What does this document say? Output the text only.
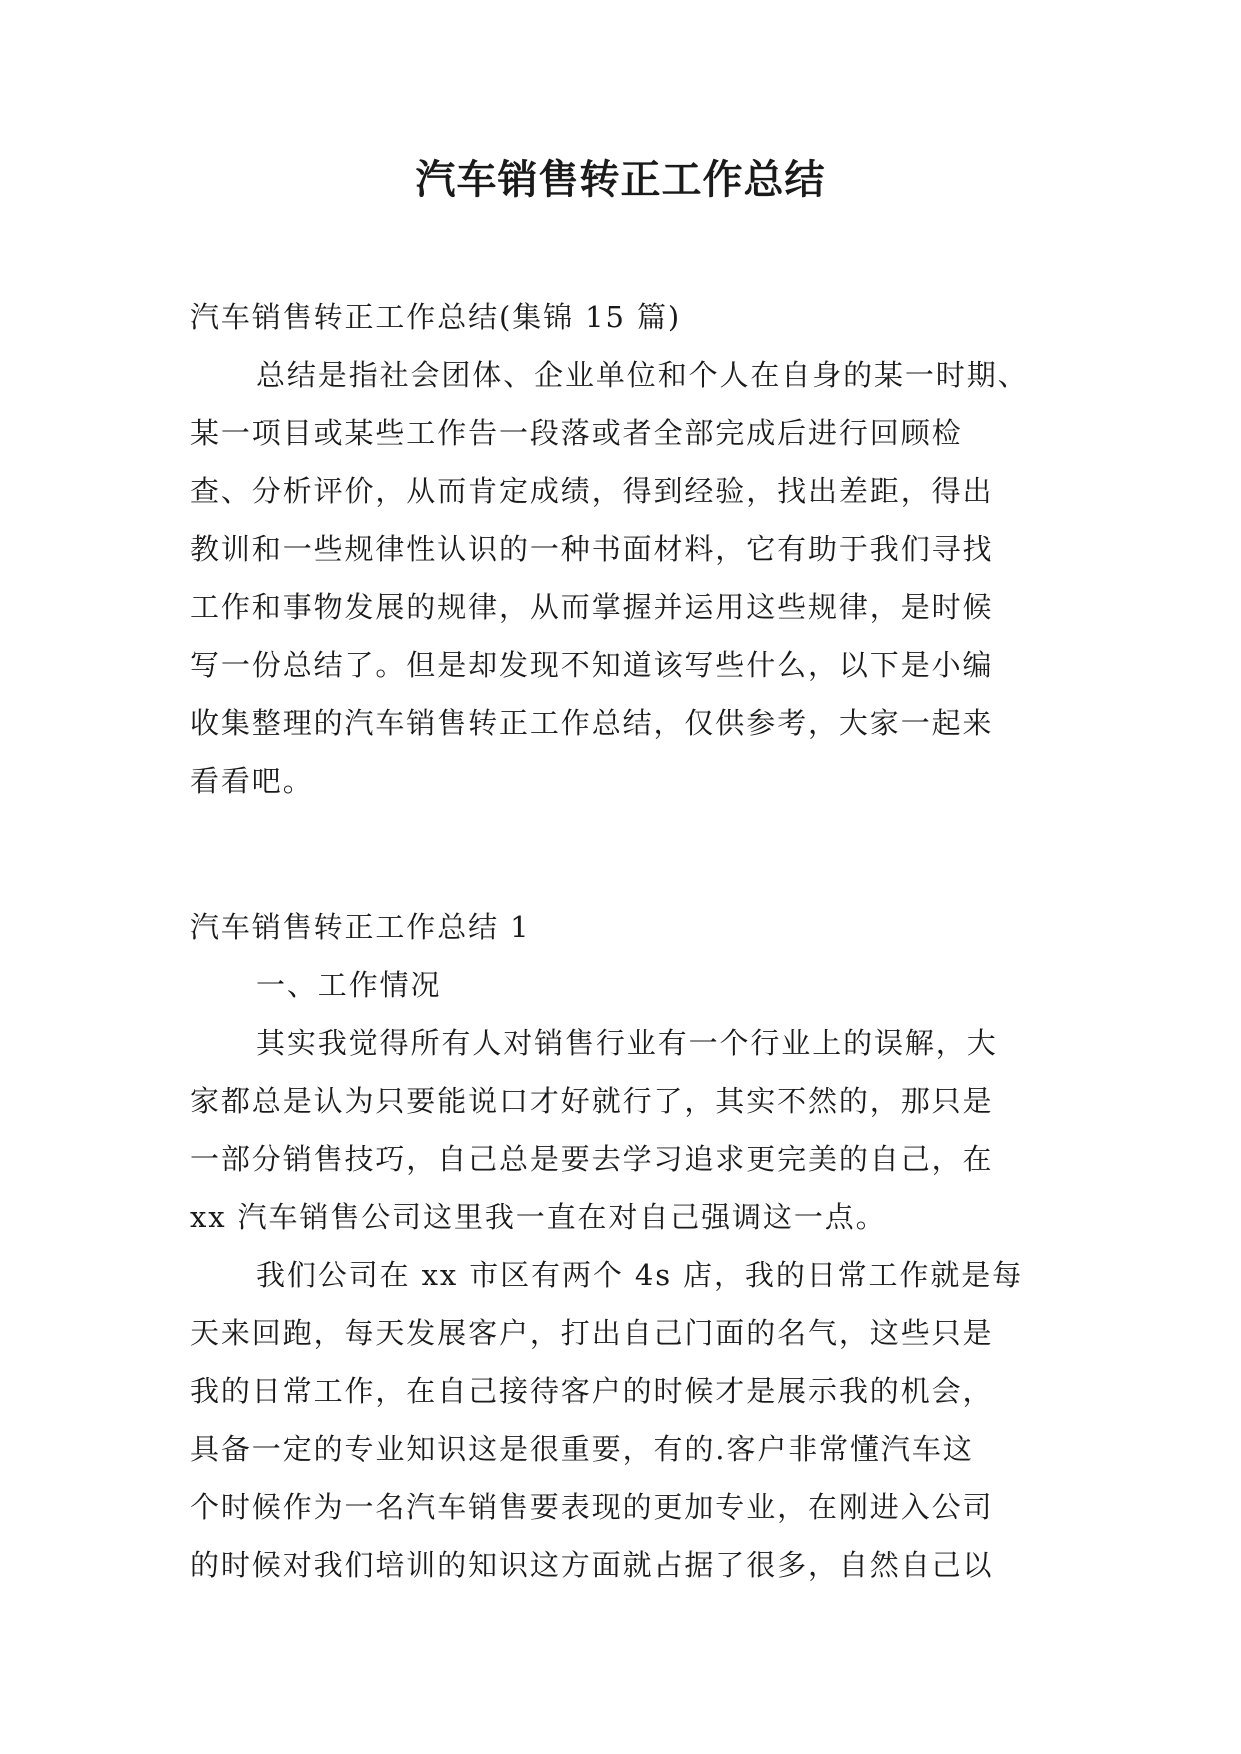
汽车销售转正工作总结

汽车销售转正工作总结(集锦 15 篇)

总结是指社会团体、企业单位和个人在自身的某一时期、

某一项目或某些工作告一段落或者全部完成后进行回顾检

查、分析评价，从而肯定成绩，得到经验，找出差距，得出

教训和一些规律性认识的一种书面材料，它有助于我们寻找

工作和事物发展的规律，从而掌握并运用这些规律，是时候

写一份总结了。但是却发现不知道该写些什么，以下是小编

收集整理的汽车销售转正工作总结，仅供参考，大家一起来

看看吧。

汽车销售转正工作总结 1

一、工作情况

其实我觉得所有人对销售行业有一个行业上的误解，大

家都总是认为只要能说口才好就行了，其实不然的，那只是

一部分销售技巧，自己总是要去学习追求更完美的自己，在

xx 汽车销售公司这里我一直在对自己强调这一点。

我们公司在 xx 市区有两个 4s 店，我的日常工作就是每

天来回跑，每天发展客户，打出自己门面的名气，这些只是

我的日常工作，在自己接待客户的时候才是展示我的机会，

具备一定的专业知识这是很重要，有的.客户非常懂汽车这

个时候作为一名汽车销售要表现的更加专业，在刚进入公司

的时候对我们培训的知识这方面就占据了很多，自然自己以
